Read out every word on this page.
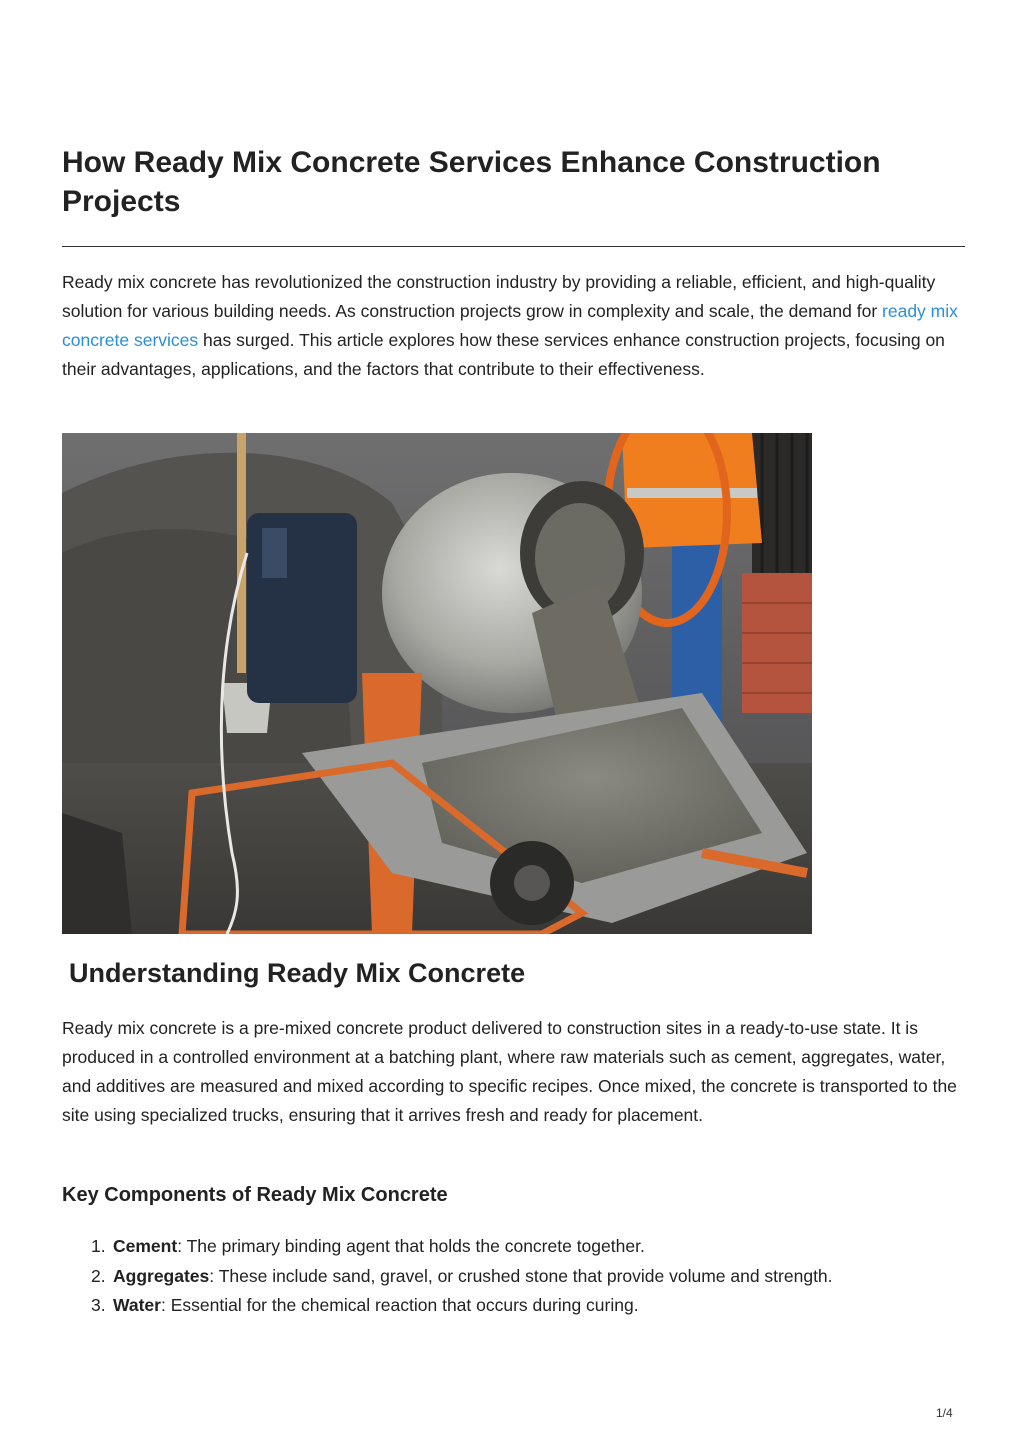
How Ready Mix Concrete Services Enhance Construction Projects

Ready mix concrete has revolutionized the construction industry by providing a reliable, efficient, and high-quality solution for various building needs. As construction projects grow in complexity and scale, the demand for ready mix concrete services has surged. This article explores how these services enhance construction projects, focusing on their advantages, applications, and the factors that contribute to their effectiveness.

Understanding Ready Mix Concrete

Ready mix concrete is a pre-mixed concrete product delivered to construction sites in a ready-to-use state. It is produced in a controlled environment at a batching plant, where raw materials such as cement, aggregates, water, and additives are measured and mixed according to specific recipes. Once mixed, the concrete is transported to the site using specialized trucks, ensuring that it arrives fresh and ready for placement.

Key Components of Ready Mix Concrete
1. Cement: The primary binding agent that holds the concrete together.
2. Aggregates: These include sand, gravel, or crushed stone that provide volume and strength.
3. Water: Essential for the chemical reaction that occurs during curing.
1/4
